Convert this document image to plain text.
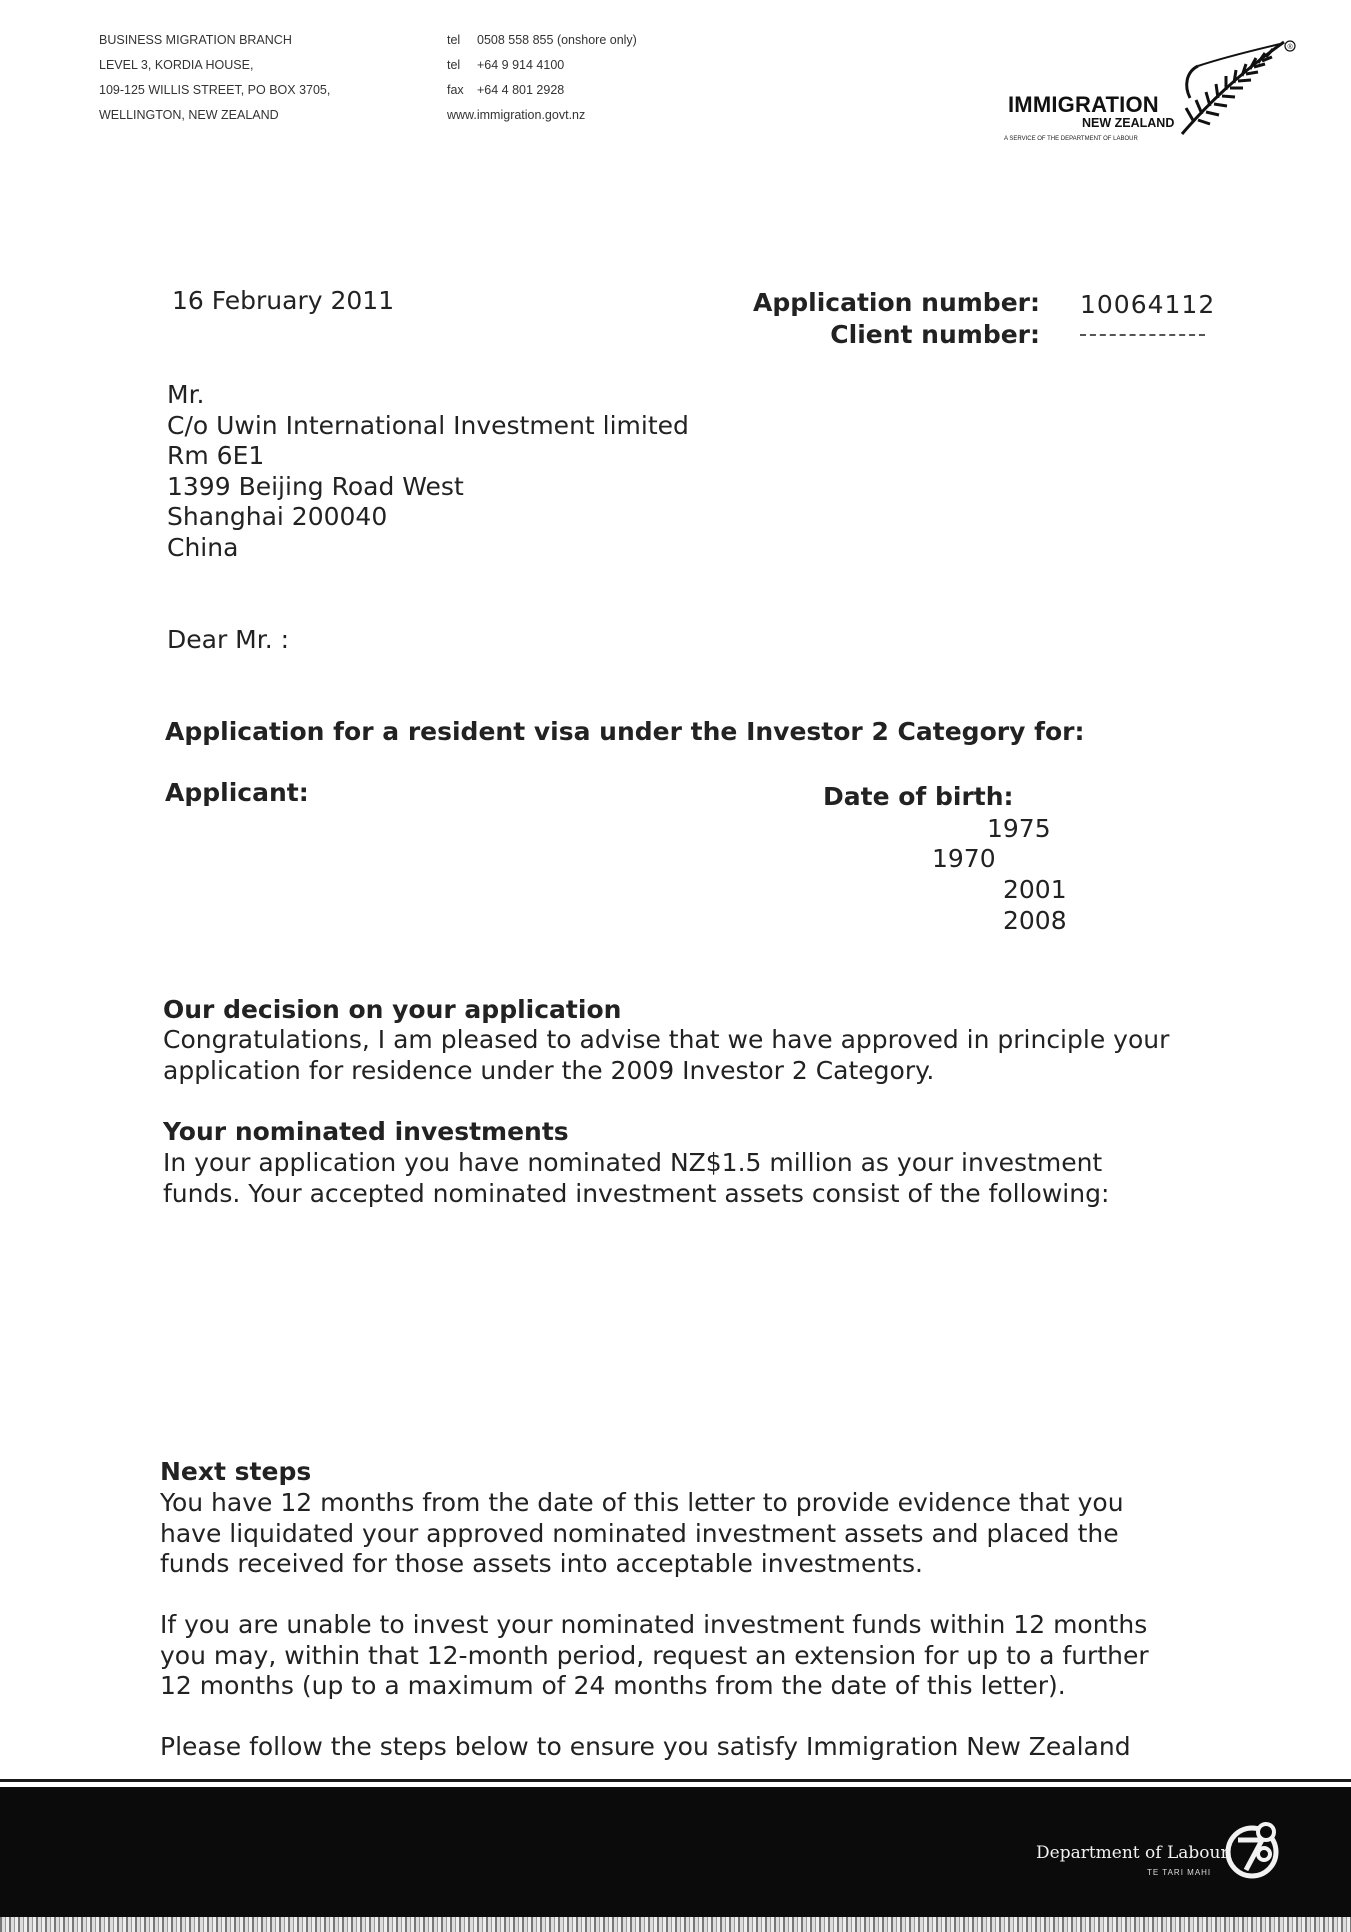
BUSINESS MIGRATION BRANCH
LEVEL 3, KORDIA HOUSE,
109-125 WILLIS STREET, PO BOX 3705,
WELLINGTON, NEW ZEALAND
tel 0508 558 855 (onshore only)
tel +64 9 914 4100
fax +64 4 801 2928
www.immigration.govt.nz	IMMIGRATION
NEW ZEALAND
A SERVICE OF THE DEPARTMENT OF LABOUR
®
16 February 2011	Application number: 10064112
Client number:
Mr.
C/o Uwin International Investment limited
Rm 6E1
1399 Beijing Road West
Shanghai 200040
China
Dear Mr. :
Application for a resident visa under the Investor 2 Category for:
Applicant:	Date of birth:
1975
1970
2001
2008
Our decision on your application
Congratulations, I am pleased to advise that we have approved in principle your
application for residence under the 2009 Investor 2 Category.
Your nominated investments
In your application you have nominated NZ$1.5 million as your investment
funds. Your accepted nominated investment assets consist of the following:
Next steps
You have 12 months from the date of this letter to provide evidence that you
have liquidated your approved nominated investment assets and placed the
funds received for those assets into acceptable investments.
If you are unable to invest your nominated investment funds within 12 months
you may, within that 12-month period, request an extension for up to a further
12 months (up to a maximum of 24 months from the date of this letter).
Please follow the steps below to ensure you satisfy Immigration New Zealand
Department of Labour
TE TARI MAHI
